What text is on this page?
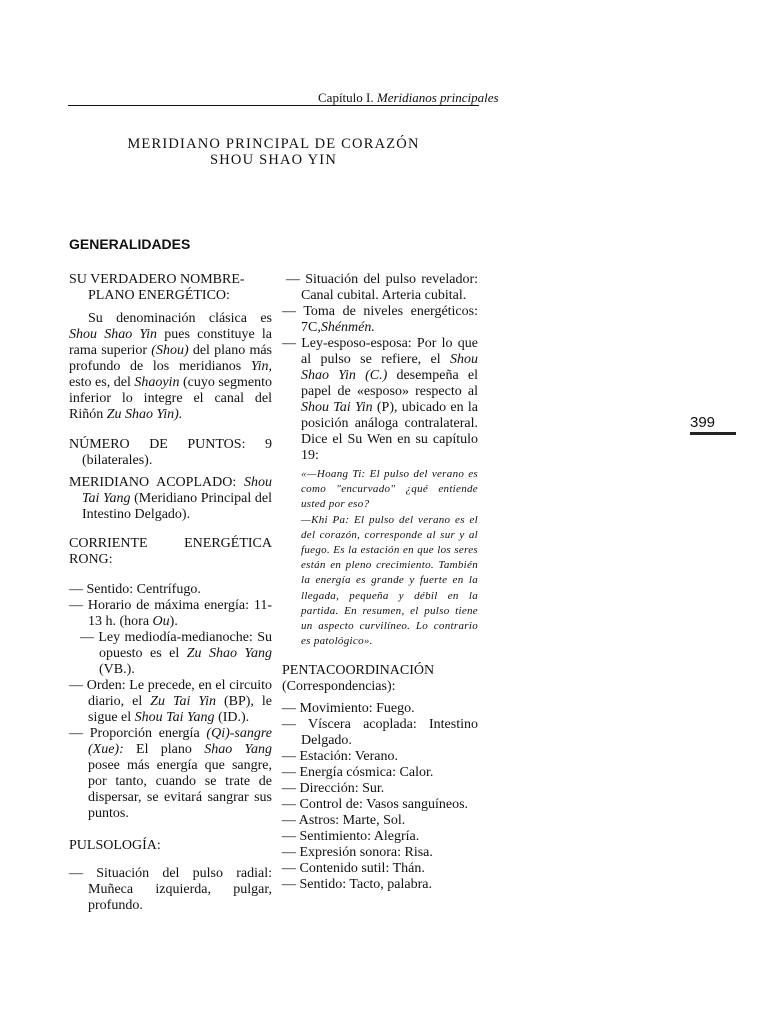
Capítulo I. Meridianos principales
MERIDIANO PRINCIPAL DE CORAZÓN
SHOU SHAO YIN
GENERALIDADES
SU VERDADERO NOMBRE-
PLANO ENERGÉTICO:

Su denominación clásica es Shou Shao Yin pues constituye la rama superior (Shou) del plano más profundo de los meridianos Yin, esto es, del Shaoyin (cuyo segmento inferior lo integre el canal del Riñón Zu Shao Yin).

NÚMERO DE PUNTOS: 9 (bilaterales).

MERIDIANO ACOPLADO: Shou Tai Yang (Meridiano Principal del Intestino Delgado).

CORRIENTE      ENERGÉTICA
RONG:

— Sentido: Centrífugo.

— Horario de máxima energía: 11-13 h. (hora Ou).

— Ley mediodía-medianoche: Su opuesto es el Zu Shao Yang (VB.).

— Orden: Le precede, en el circuito diario, el Zu Tai Yin (BP), le sigue el Shou Tai Yang (ID.).

— Proporción energía (Qi)-sangre (Xue): El plano Shao Yang posee más energía que sangre, por tanto, cuando se trate de dispersar, se evitará sangrar sus puntos.

PULSOLOGÍA:

— Situación del pulso radial: Muñeca izquierda, pulgar, profundo.

— Situación del pulso revelador: Canal cubital. Arteria cubital.

— Toma de niveles energéticos: 7C,Shénmén.

— Ley-esposo-esposa: Por lo que al pulso se refiere, el Shou Shao Yin (C.) desempeña el papel de «esposo» respecto al Shou Tai Yin (P), ubicado en la posición análoga contralateral. Dice el Su Wen en su capítulo 19:

«—Hoang Ti: El pulso del verano es como "encurvado" ¿qué entiende usted por eso?

—Khi Pa: El pulso del verano es el del corazón, corresponde al sur y al fuego. Es la estación en que los seres están en pleno crecimiento. También la energía es grande y fuerte en la llegada, pequeña y débil en la partida. En resumen, el pulso tiene un aspecto curvilíneo. Lo contrario es patológico».

PENTACOORDINACIÓN

(Correspondencias):

— Movimiento: Fuego.
— Víscera acoplada: Intestino Delgado.
— Estación: Verano.
— Energía cósmica: Calor.
— Dirección: Sur.
— Control de: Vasos sanguíneos.
— Astros: Marte, Sol.
— Sentimiento: Alegría.
— Expresión sonora: Risa.
— Contenido sutil: Thán.
— Sentido: Tacto, palabra.
399
